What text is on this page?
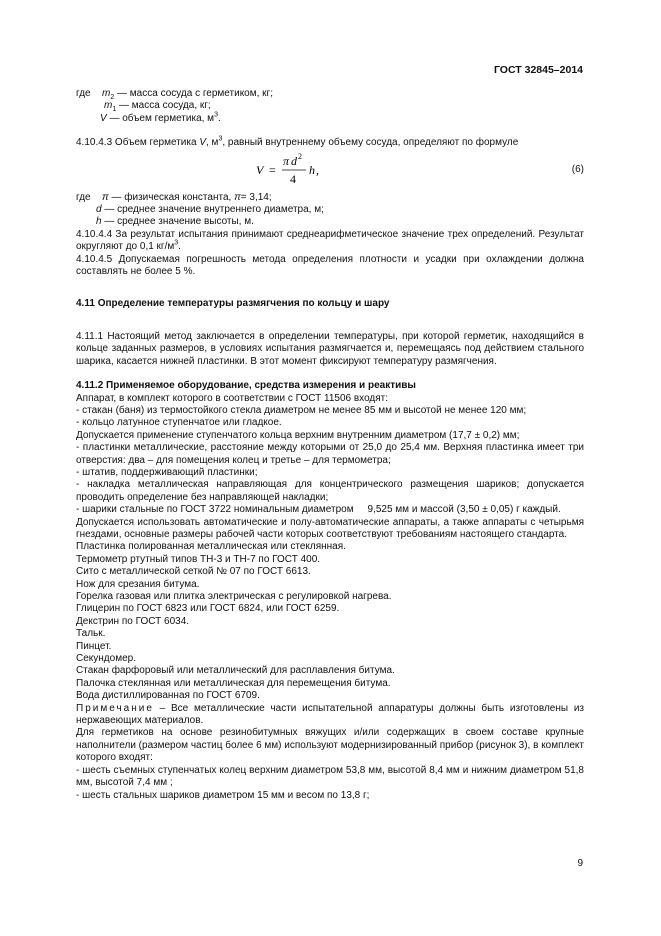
ГОСТ 32845–2014
где	$m_2$ — масса сосуда с герметиком, кг;
$m_1$ — масса сосуда, кг;
V — объем герметика, $м^3$.

4.10.4.3 Объем герметика V, $м^3$, равный внутреннему объему сосуда, определяют по формуле

V =
π d 2
4
h ,	(6)
где	π — физическая константа, π= 3,14;
d — среднее значение внутреннего диаметра, м;
h — среднее значение высоты, м.

4.10.4.4 За результат испытания принимают среднеарифметическое значение трех определений. Результат округляют до 0,1 $кг/м^3$.

4.10.4.5 Допускаемая погрешность метода определения плотности и усадки при охлаждении должна составлять не более 5 %.

4.11 Определение температуры размягчения по кольцу и шару

4.11.1 Настоящий метод заключается в определении температуры, при которой герметик, находящийся в кольце заданных размеров, в условиях испытания размягчается и, перемещаясь под действием стального шарика, касается нижней пластинки. В этот момент фиксируют температуру размягчения.

4.11.2 Применяемое оборудование, средства измерения и реактивы

Аппарат, в комплект которого в соответствии с ГОСТ 11506 входят:

- стакан (баня) из термостойкого стекла диаметром не менее 85 мм и высотой не менее 120 мм;

- кольцо латунное ступенчатое или гладкое.

Допускается применение ступенчатого кольца верхним внутренним диаметром (17,7 ± 0,2) мм;

- пластинки металлические, расстояние между которыми от 25,0 до 25,4 мм. Верхняя пластинка имеет три отверстия: два – для помещения колец и третье – для термометра;

- штатив, поддерживающий пластинки;

- накладка металлическая направляющая для концентрического размещения шариков; допускается проводить определение без направляющей накладки;

- шарики стальные по ГОСТ 3722 номинальным диаметром     9,525 мм и массой (3,50 ± 0,05) г каждый.

Допускается использовать автоматические и полу-автоматические аппараты, а также аппараты с четырьмя гнездами, основные размеры рабочей части которых соответствуют требованиям настоящего стандарта.

Пластинка полированная металлическая или стеклянная.

Термометр ртутный типов ТН-3 и ТН-7 по ГОСТ 400.

Сито с металлической сеткой № 07 по ГОСТ 6613.

Нож для срезания битума.

Горелка газовая или плитка электрическая с регулировкой нагрева.

Глицерин по ГОСТ 6823 или ГОСТ 6824, или ГОСТ 6259.

Декстрин по ГОСТ 6034.

Тальк.

Пинцет.

Секундомер.

Стакан фарфоровый или металлический для расплавления битума.

Палочка стеклянная или металлическая для перемещения битума.

Вода дистиллированная по ГОСТ 6709.

Примечание – Все металлические части испытательной аппаратуры должны быть изготовлены из нержавеющих материалов.

Для герметиков на основе резинобитумных вяжущих и/или содержащих в своем составе крупные наполнители (размером частиц более 6 мм) используют модернизированный прибор (рисунок 3), в комплект которого входят:

- шесть съемных ступенчатых колец верхним диаметром 53,8 мм, высотой 8,4 мм и нижним диаметром 51,8 мм, высотой 7,4 мм ;

- шесть стальных шариков диаметром 15 мм и весом по 13,8 г;

9
